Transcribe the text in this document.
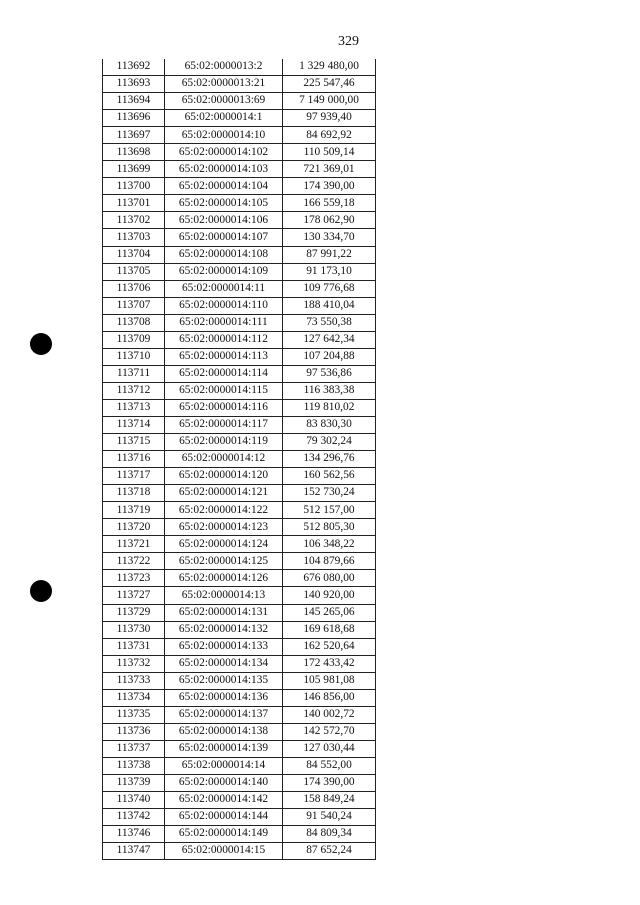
329
113692	65:02:0000013:2	1 329 480,00
113693	65:02:0000013:21	225 547,46
113694	65:02:0000013:69	7 149 000,00
113696	65:02:0000014:1	97 939,40
113697	65:02:0000014:10	84 692,92
113698	65:02:0000014:102	110 509,14
113699	65:02:0000014:103	721 369,01
113700	65:02:0000014:104	174 390,00
113701	65:02:0000014:105	166 559,18
113702	65:02:0000014:106	178 062,90
113703	65:02:0000014:107	130 334,70
113704	65:02:0000014:108	87 991,22
113705	65:02:0000014:109	91 173,10
113706	65:02:0000014:11	109 776,68
113707	65:02:0000014:110	188 410,04
113708	65:02:0000014:111	73 550,38
113709	65:02:0000014:112	127 642,34
113710	65:02:0000014:113	107 204,88
113711	65:02:0000014:114	97 536,86
113712	65:02:0000014:115	116 383,38
113713	65:02:0000014:116	119 810,02
113714	65:02:0000014:117	83 830,30
113715	65:02:0000014:119	79 302,24
113716	65:02:0000014:12	134 296,76
113717	65:02:0000014:120	160 562,56
113718	65:02:0000014:121	152 730,24
113719	65:02:0000014:122	512 157,00
113720	65:02:0000014:123	512 805,30
113721	65:02:0000014:124	106 348,22
113722	65:02:0000014:125	104 879,66
113723	65:02:0000014:126	676 080,00
113727	65:02:0000014:13	140 920,00
113729	65:02:0000014:131	145 265,06
113730	65:02:0000014:132	169 618,68
113731	65:02:0000014:133	162 520,64
113732	65:02:0000014:134	172 433,42
113733	65:02:0000014:135	105 981,08
113734	65:02:0000014:136	146 856,00
113735	65:02:0000014:137	140 002,72
113736	65:02:0000014:138	142 572,70
113737	65:02:0000014:139	127 030,44
113738	65:02:0000014:14	84 552,00
113739	65:02:0000014:140	174 390,00
113740	65:02:0000014:142	158 849,24
113742	65:02:0000014:144	91 540,24
113746	65:02:0000014:149	84 809,34
113747	65:02:0000014:15	87 652,24
